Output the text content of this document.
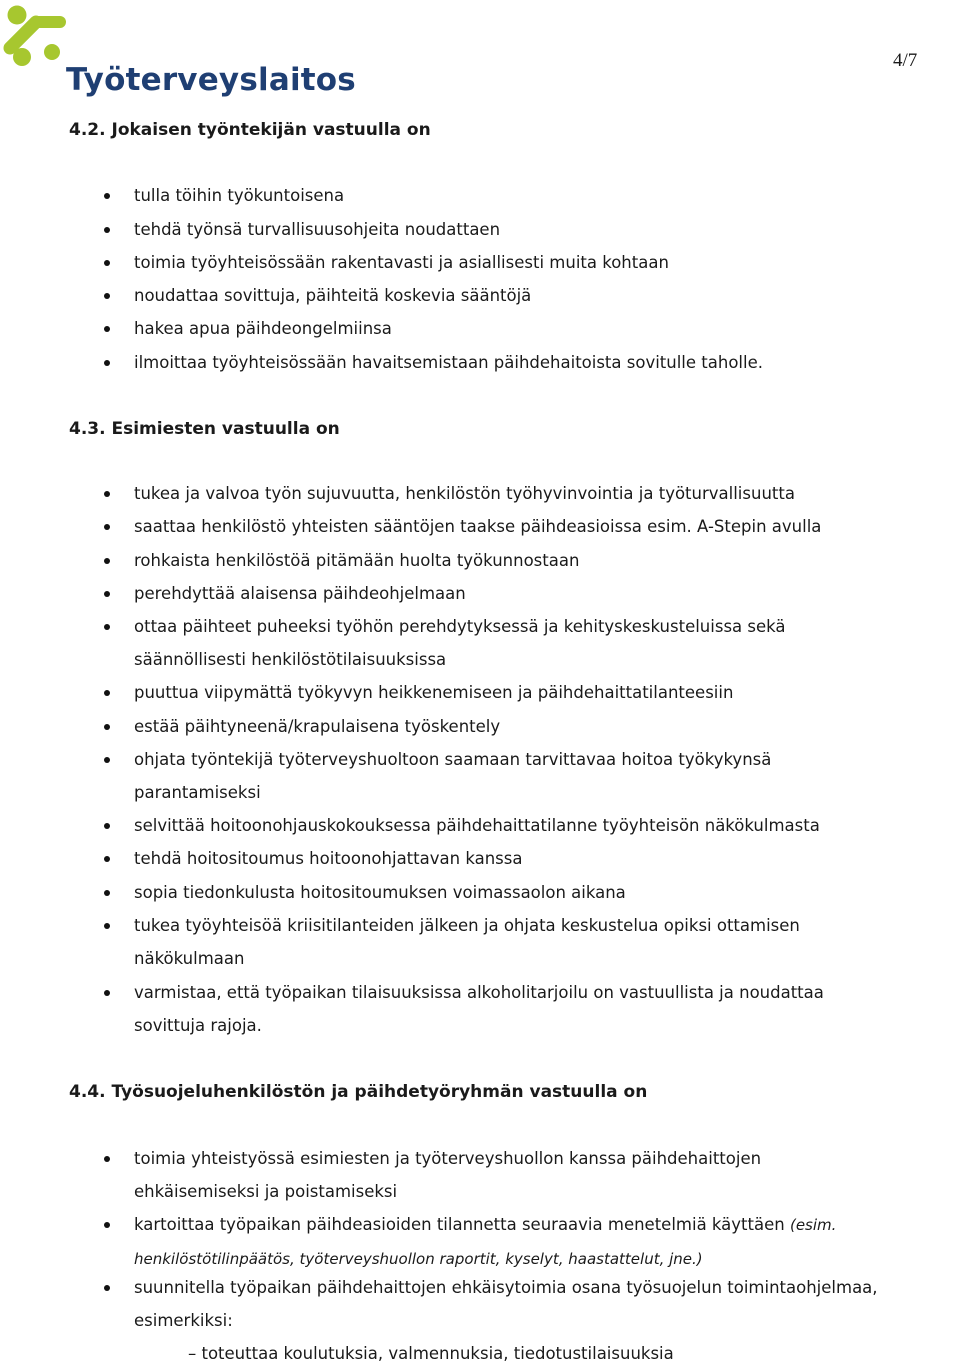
Työterveyslaitos
4/7
4.2. Jokaisen työntekijän vastuulla on
tulla töihin työkuntoisena
tehdä työnsä turvallisuusohjeita noudattaen
toimia työyhteisössään rakentavasti ja asiallisesti muita kohtaan
noudattaa sovittuja, päihteitä koskevia sääntöjä
hakea apua päihdeongelmiinsa
ilmoittaa työyhteisössään havaitsemistaan päihdehaitoista sovitulle taholle.
4.3. Esimiesten vastuulla on
tukea ja valvoa työn sujuvuutta, henkilöstön työhyvinvointia ja työturvallisuutta
saattaa henkilöstö yhteisten sääntöjen taakse päihdeasioissa esim. A-Stepin avulla
rohkaista henkilöstöä pitämään huolta työkunnostaan
perehdyttää alaisensa päihdeohjelmaan
ottaa päihteet puheeksi työhön perehdytyksessä ja kehityskeskusteluissa sekä
säännöllisesti henkilöstötilaisuuksissa
puuttua viipymättä työkyvyn heikkenemiseen ja päihdehaittatilanteesiin
estää päihtyneenä/krapulaisena työskentely
ohjata työntekijä työterveyshuoltoon saamaan tarvittavaa hoitoa työkykynsä
parantamiseksi
selvittää hoitoonohjauskokouksessa päihdehaittatilanne työyhteisön näkökulmasta
tehdä hoitositoumus hoitoonohjattavan kanssa
sopia tiedonkulusta hoitositoumuksen voimassaolon aikana
tukea työyhteisöä kriisitilanteiden jälkeen ja ohjata keskustelua opiksi ottamisen
näkökulmaan
varmistaa, että työpaikan tilaisuuksissa alkoholitarjoilu on vastuullista ja noudattaa
sovittuja rajoja.
4.4. Työsuojeluhenkilöstön ja päihdetyöryhmän vastuulla on
toimia yhteistyössä esimiesten ja työterveyshuollon kanssa päihdehaittojen
ehkäisemiseksi ja poistamiseksi
kartoittaa työpaikan päihdeasioiden tilannetta seuraavia menetelmiä käyttäen (esim.
henkilöstötilinpäätös, työterveyshuollon raportit, kyselyt, haastattelut, jne.)
suunnitella työpaikan päihdehaittojen ehkäisytoimia osana työsuojelun toimintaohjelmaa,
esimerkiksi:
– toteuttaa koulutuksia, valmennuksia, tiedotustilaisuuksia
